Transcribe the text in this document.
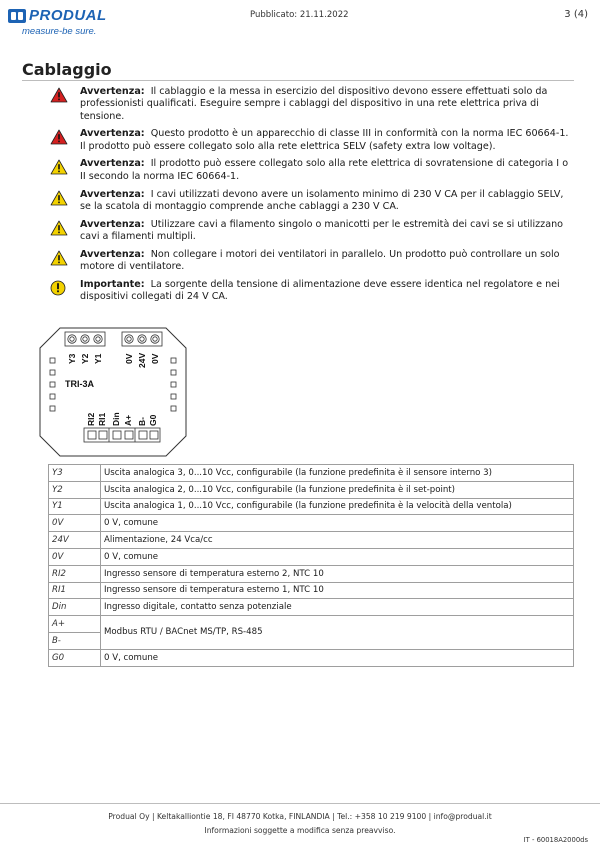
PRODUAL
measure-be sure.
Pubblicato: 21.11.2022	3 (4)
Cablaggio
Avvertenza: Il cablaggio e la messa in esercizio del dispositivo devono essere effettuati solo da professionisti qualificati. Eseguire sempre i cablaggi del dispositivo in una rete elettrica priva di tensione.
Avvertenza: Questo prodotto è un apparecchio di classe III in conformità con la norma IEC 60664-1. Il prodotto può essere collegato solo alla rete elettrica SELV (safety extra low voltage).
Avvertenza: Il prodotto può essere collegato solo alla rete elettrica di sovratensione di categoria I o II secondo la norma IEC 60664-1.
Avvertenza: I cavi utilizzati devono avere un isolamento minimo di 230 V CA per il cablaggio SELV, se la scatola di montaggio comprende anche cablaggi a 230 V CA.
Avvertenza: Utilizzare cavi a filamento singolo o manicotti per le estremità dei cavi se si utilizzano cavi a filamenti multipli.
Avvertenza: Non collegare i motori dei ventilatori in parallelo. Un prodotto può controllare un solo motore di ventilatore.
Importante: La sorgente della tensione di alimentazione deve essere identica nel regolatore e nei dispositivi collegati di 24 V CA.
Y3 Y2 Y1 0V 24V 0V
TRI-3A
RI2 RI1 Din A+ B- G0
Y3	Uscita analogica 3, 0...10 Vcc, configurabile (la funzione predefinita è il sensore interno 3)
Y2	Uscita analogica 2, 0...10 Vcc, configurabile (la funzione predefinita è il set-point)
Y1	Uscita analogica 1, 0...10 Vcc, configurabile (la funzione predefinita è la velocità della ventola)
0V	0 V, comune
24V	Alimentazione, 24 Vca/cc
0V	0 V, comune
RI2	Ingresso sensore di temperatura esterno 2, NTC 10
RI1	Ingresso sensore di temperatura esterno 1, NTC 10
Din	Ingresso digitale, contatto senza potenziale
A+	Modbus RTU / BACnet MS/TP, RS-485
B-	
G0	0 V, comune
Produal Oy | Keltakalliontie 18, FI 48770 Kotka, FINLANDIA | Tel.: +358 10 219 9100 | info@produal.it
Informazioni soggette a modifica senza preavviso.
IT - 60018A2000ds
